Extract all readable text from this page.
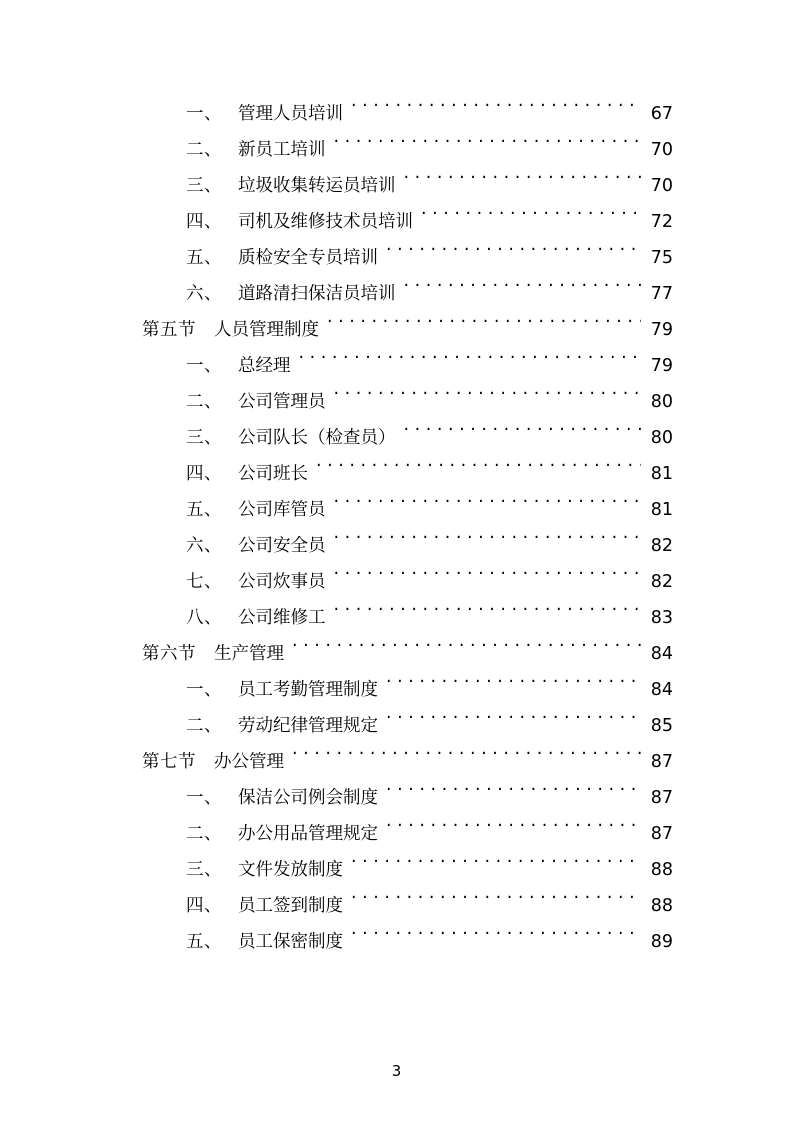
一、 管理人员培训 . . .	67
二、 新员工培训 . . .	70
三、 垃圾收集转运员培训 . . .	70
四、 司机及维修技术员培训 . . .	72
五、 质检安全专员培训 . . .	75
六、 道路清扫保洁员培训 . . .	77
第五节	人员管理制度 . . .	79
一、 总经理 . . .	79
二、 公司管理员 . . .	80
三、 公司队长（检查员） . . .	80
四、 公司班长 . . .	81
五、 公司库管员 . . .	81
六、 公司安全员 . . .	82
七、 公司炊事员 . . .	82
八、 公司维修工 . . .	83
第六节	生产管理 . . .	84
一、 员工考勤管理制度 . . .	84
二、 劳动纪律管理规定 . . .	85
第七节	办公管理 . . .	87
一、 保洁公司例会制度 . . .	87
二、 办公用品管理规定 . . .	87
三、 文件发放制度 . . .	88
四、 员工签到制度 . . .	88
五、 员工保密制度 . . .	89
3
